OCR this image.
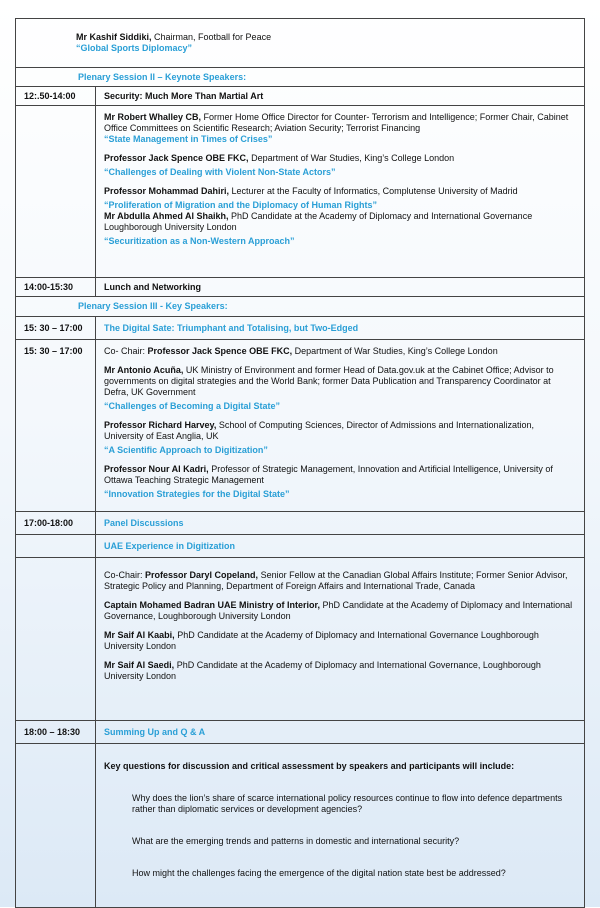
Mr Kashif Siddiki, Chairman, Football for Peace

“Global Sports Diplomacy”

Plenary Session II – Keynote Speakers:

12:.50-14:00	Security: Much More Than Martial Art

Mr Robert Whalley CB, Former Home Office Director for Counter- Terrorism and Intelligence; Former Chair, Cabinet Office Committees on Scientific Research; Aviation Security; Terrorist Financing

“State Management in Times of Crises”

Professor Jack Spence OBE FKC, Department of War Studies, King’s College London

“Challenges of Dealing with Violent Non-State Actors”

Professor Mohammad Dahiri, Lecturer at the Faculty of Informatics, Complutense University of Madrid

“Proliferation of Migration and the Diplomacy of Human Rights”

Mr Abdulla Ahmed Al Shaikh, PhD Candidate at the Academy of Diplomacy and International Governance Loughborough University London

“Securitization as a Non-Western Approach”

14:00-15:30	Lunch and Networking

Plenary Session III - Key Speakers:

15: 30 – 17:00	The Digital Sate: Triumphant and Totalising, but Two-Edged

15: 30 – 17:00	Co- Chair: Professor Jack Spence OBE FKC, Department of War Studies, King’s College London

Mr Antonio Acuña, UK Ministry of Environment and former Head of Data.gov.uk at the Cabinet Office; Advisor to governments on digital strategies and the World Bank; former Data Publication and Transparency Coordinator at Defra, UK Government

“Challenges of Becoming a Digital State”

Professor Richard Harvey, School of Computing Sciences, Director of Admissions and Internationalization, University of East Anglia, UK

“A Scientific Approach to Digitization”

Professor Nour Al Kadri, Professor of Strategic Management, Innovation and Artificial Intelligence, University of Ottawa Teaching Strategic Management

“Innovation Strategies for the Digital State”

17:00-18:00	Panel Discussions

UAE Experience in Digitization

Co-Chair: Professor Daryl Copeland, Senior Fellow at the Canadian Global Affairs Institute; Former Senior Advisor, Strategic Policy and Planning, Department of Foreign Affairs and International Trade, Canada

Captain Mohamed Badran UAE Ministry of Interior, PhD Candidate at the Academy of Diplomacy and International Governance, Loughborough University London

Mr Saif Al Kaabi, PhD Candidate at the Academy of Diplomacy and International Governance Loughborough University London

Mr Saif Al Saedi, PhD Candidate at the Academy of Diplomacy and International Governance, Loughborough University London

18:00 – 18:30	Summing Up and Q & A

Key questions for discussion and critical assessment by speakers and participants will include:

Why does the lion’s share of scarce international policy resources continue to flow into defence departments rather than diplomatic services or development agencies?

What are the emerging trends and patterns in domestic and international security?

How might the challenges facing the emergence of the digital nation state best be addressed?
